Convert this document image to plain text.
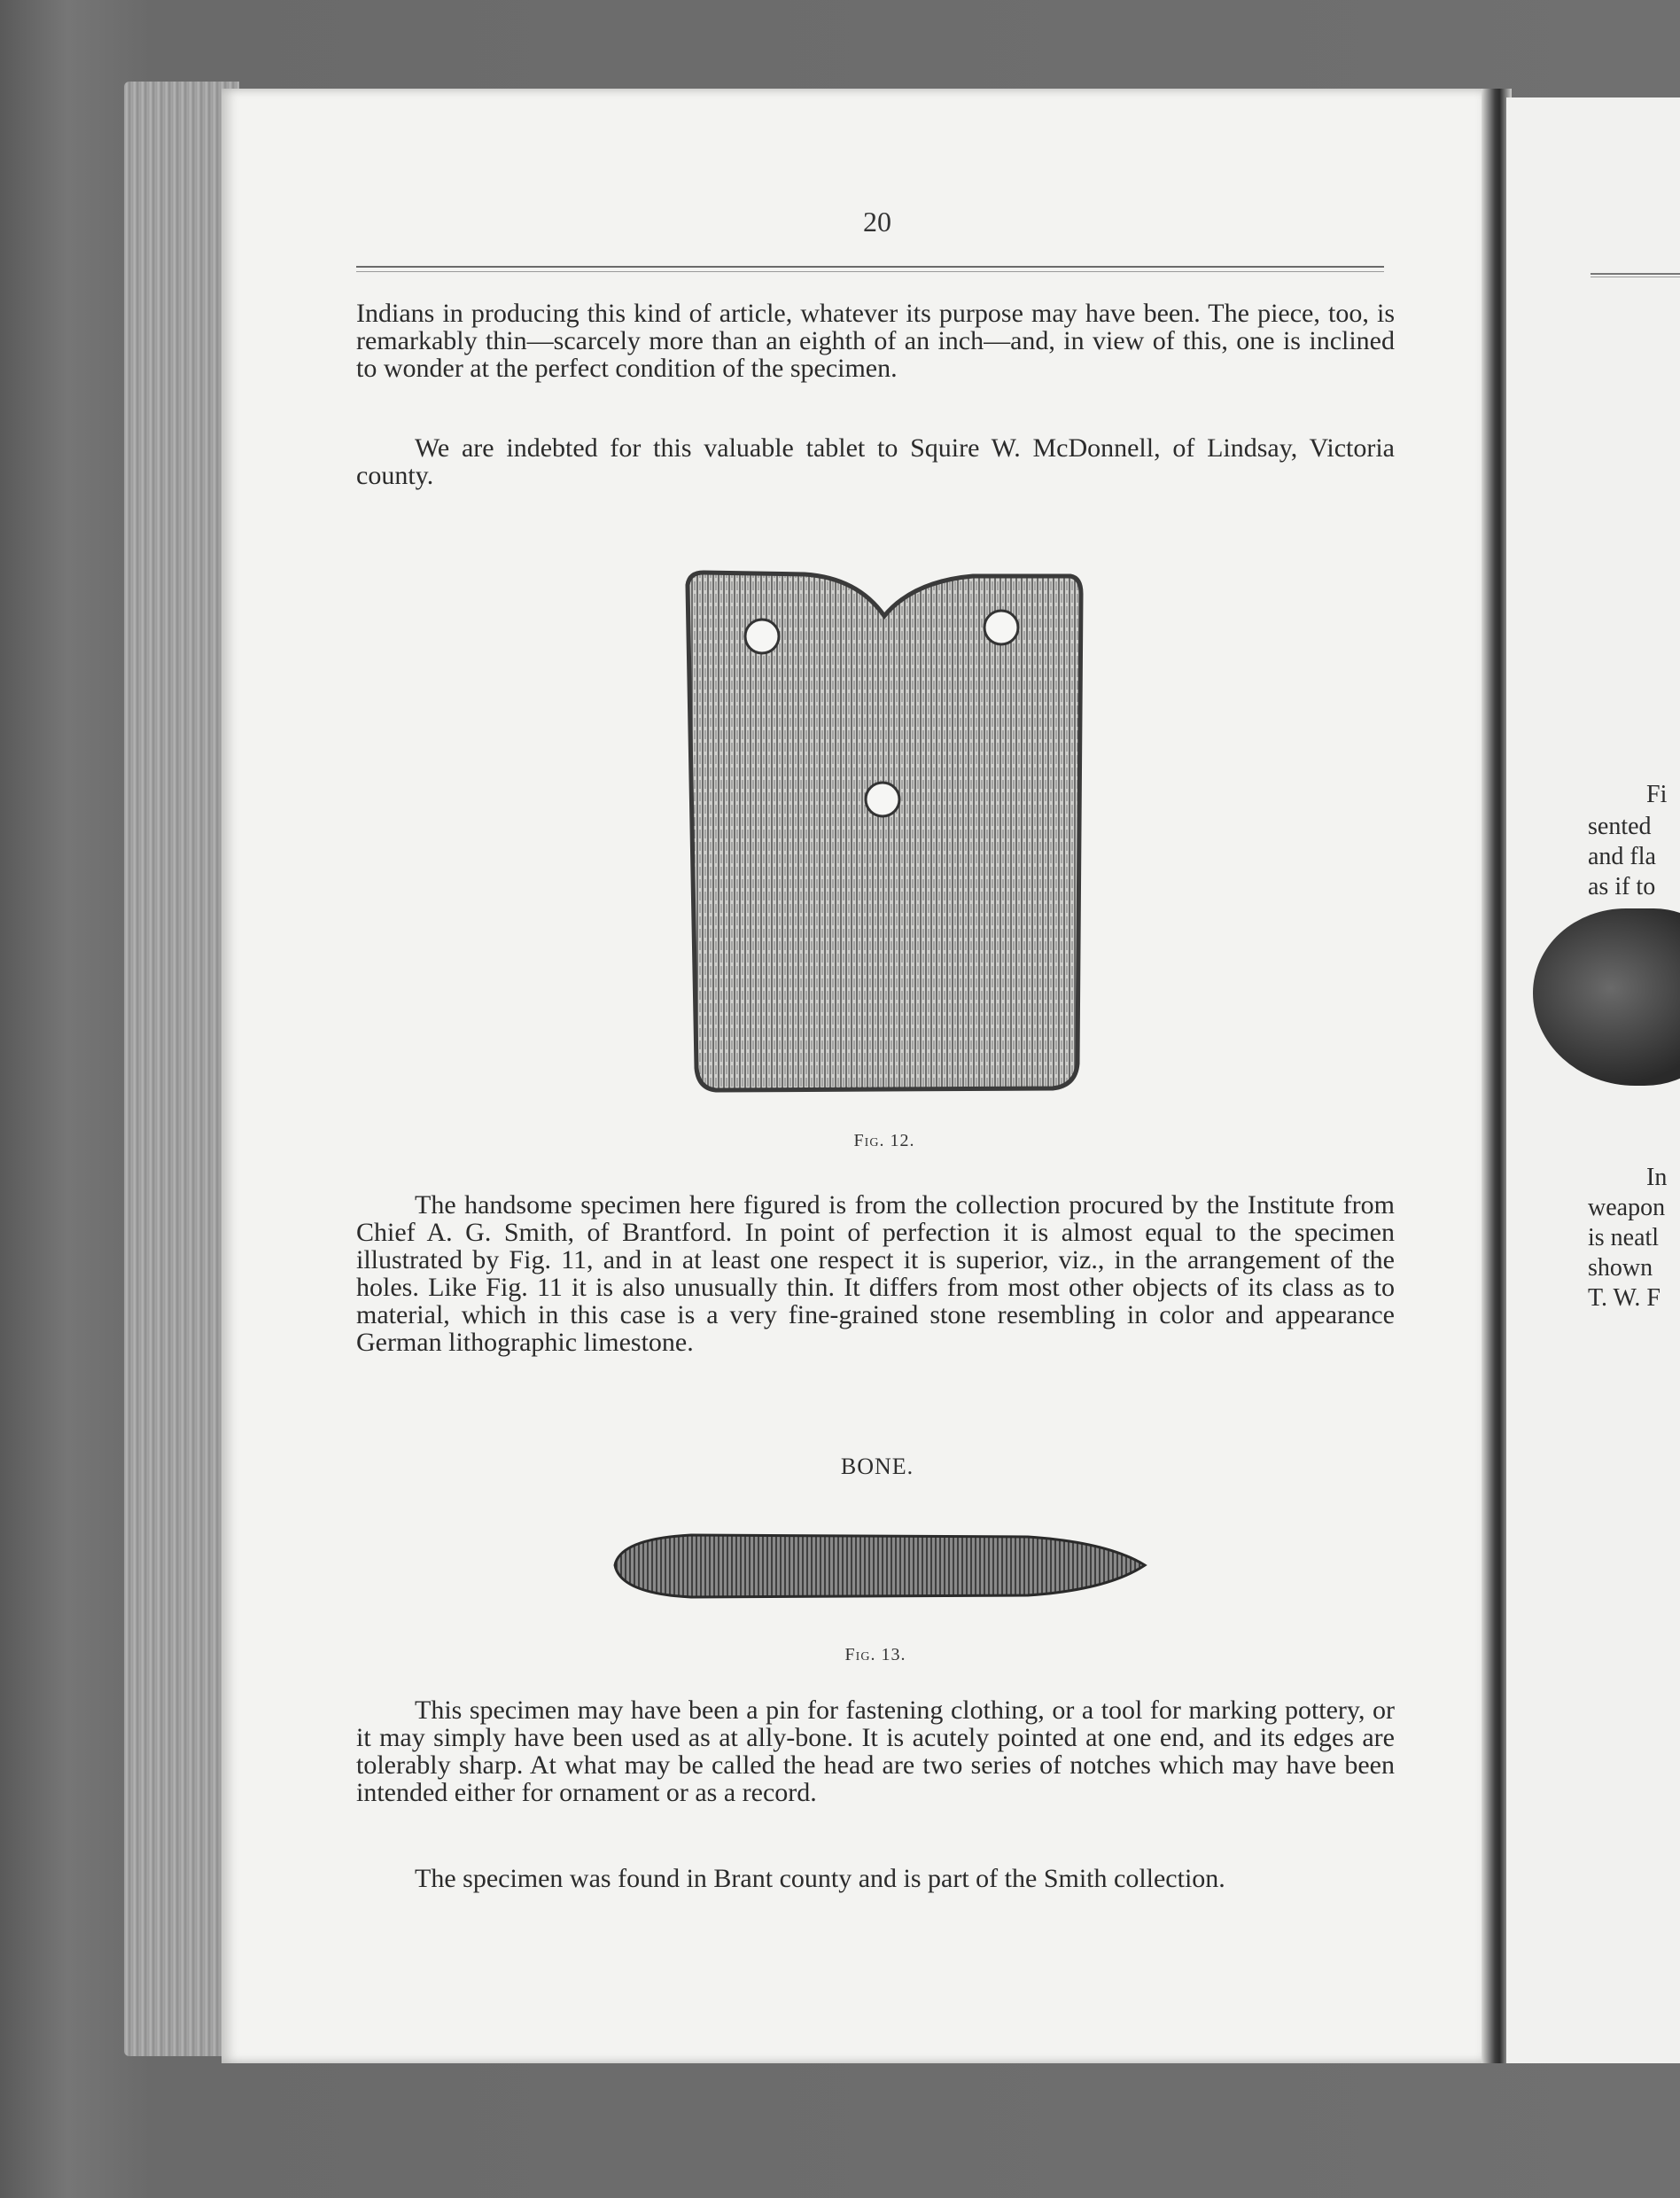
20

Indians in producing this kind of article, whatever its purpose may have been. The piece, too, is remarkably thin—scarcely more than an eighth of an inch—and, in view of this, one is inclined to wonder at the perfect condition of the specimen.

We are indebted for this valuable tablet to Squire W. McDonnell, of Lindsay, Victoria county.

Fig. 12.

The handsome specimen here figured is from the collection procured by the Institute from Chief A. G. Smith, of Brantford. In point of perfection it is almost equal to the specimen illustrated by Fig. 11, and in at least one respect it is superior, viz., in the arrangement of the holes. Like Fig. 11 it is also unusually thin. It differs from most other objects of its class as to material, which in this case is a very fine-grained stone resembling in color and appearance German lithographic limestone.

BONE.
Fig. 13.

This specimen may have been a pin for fastening clothing, or a tool for marking pottery, or it may simply have been used as at ally-bone. It is acutely pointed at one end, and its edges are tolerably sharp. At what may be called the head are two series of notches which may have been intended either for ornament or as a record.

The specimen was found in Brant county and is part of the Smith collection.

Fi
sented
and fla
as if to
In
weapon
is neatl
shown
T. W. F
